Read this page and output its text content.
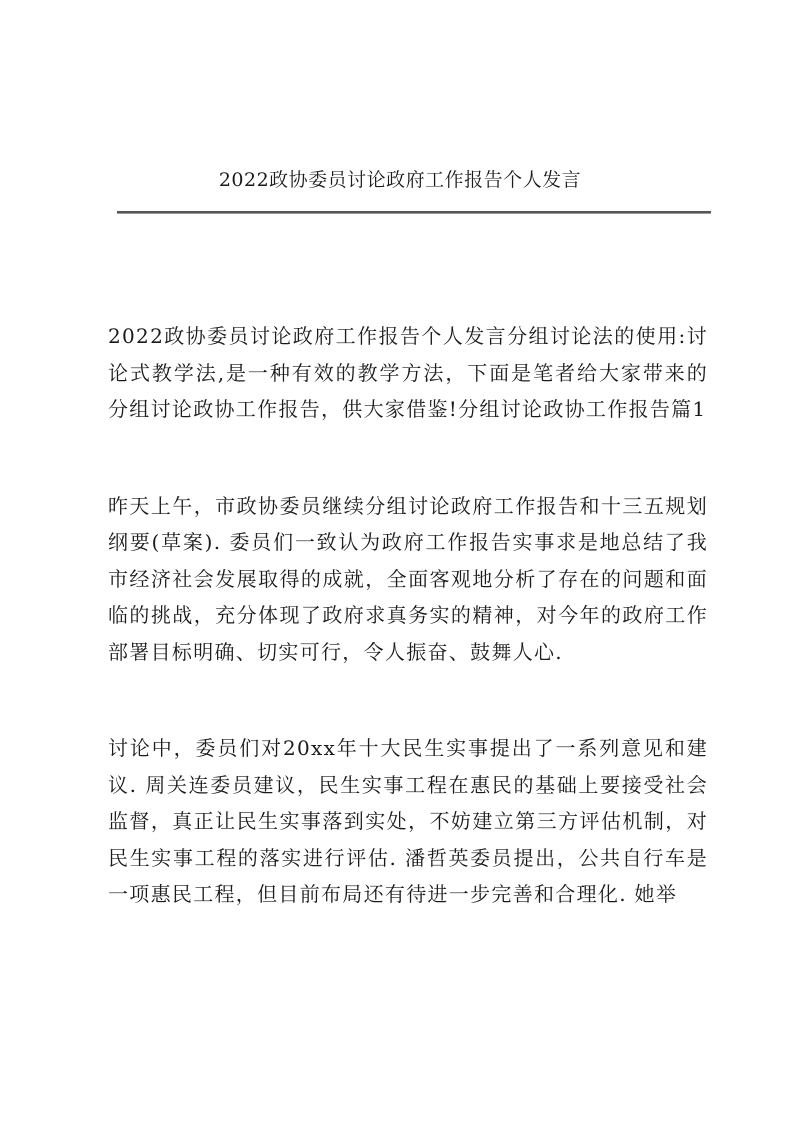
2022政协委员讨论政府工作报告个人发言

2022政协委员讨论政府工作报告个人发言分组讨论法的使用:讨论式教学法,是一种有效的教学方法，下面是笔者给大家带来的分组讨论政协工作报告，供大家借鉴!分组讨论政协工作报告篇1

昨天上午，市政协委员继续分组讨论政府工作报告和十三五规划纲要(草案). 委员们一致认为政府工作报告实事求是地总结了我市经济社会发展取得的成就，全面客观地分析了存在的问题和面临的挑战，充分体现了政府求真务实的精神，对今年的政府工作部署目标明确、切实可行，令人振奋、鼓舞人心.

讨论中，委员们对20xx年十大民生实事提出了一系列意见和建议. 周关连委员建议，民生实事工程在惠民的基础上要接受社会监督，真正让民生实事落到实处，不妨建立第三方评估机制，对民生实事工程的落实进行评估. 潘哲英委员提出，公共自行车是一项惠民工程，但目前布局还有待进一步完善和合理化. 她举
